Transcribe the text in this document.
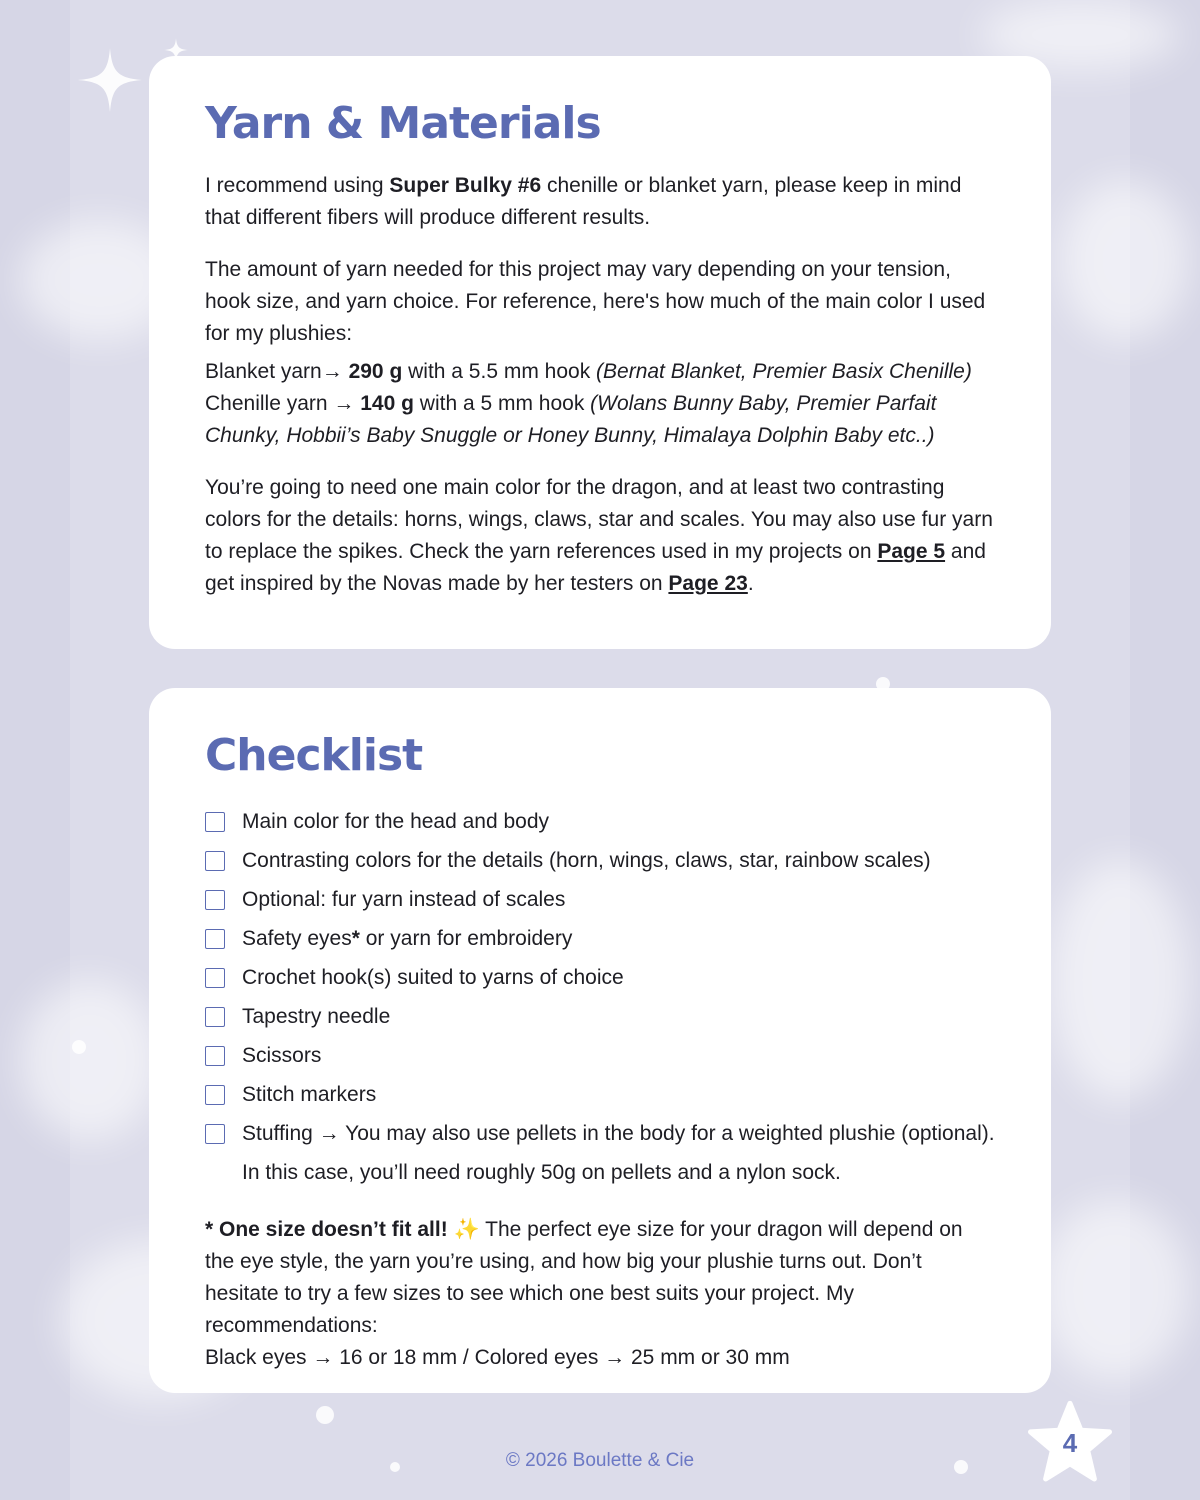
Yarn & Materials

I recommend using Super Bulky #6 chenille or blanket yarn, please keep in mind that different fibers will produce different results.

The amount of yarn needed for this project may vary depending on your tension, hook size, and yarn choice. For reference, here's how much of the main color I used for my plushies:

Blanket yarn→ 290 g with a 5.5 mm hook (Bernat Blanket, Premier Basix Chenille)

Chenille yarn → 140 g with a 5 mm hook (Wolans Bunny Baby, Premier Parfait Chunky, Hobbii’s Baby Snuggle or Honey Bunny, Himalaya Dolphin Baby etc..)

You’re going to need one main color for the dragon, and at least two contrasting colors for the details: horns, wings, claws, star and scales. You may also use fur yarn to replace the spikes. Check the yarn references used in my projects on Page 5 and get inspired by the Novas made by her testers on Page 23.

Checklist
Main color for the head and body
Contrasting colors for the details (horn, wings, claws, star, rainbow scales)
Optional: fur yarn instead of scales
Safety eyes* or yarn for embroidery
Crochet hook(s) suited to yarns of choice
Tapestry needle
Scissors
Stitch markers
Stuffing → You may also use pellets in the body for a weighted plushie (optional). In this case, you’ll need roughly 50g on pellets and a nylon sock.

* One size doesn’t fit all! ✨ The perfect eye size for your dragon will depend on the eye style, the yarn you’re using, and how big your plushie turns out. Don’t hesitate to try a few sizes to see which one best suits your project. My recommendations:
Black eyes → 16 or 18 mm / Colored eyes → 25 mm or 30 mm

© 2026 Boulette & Cie
4
